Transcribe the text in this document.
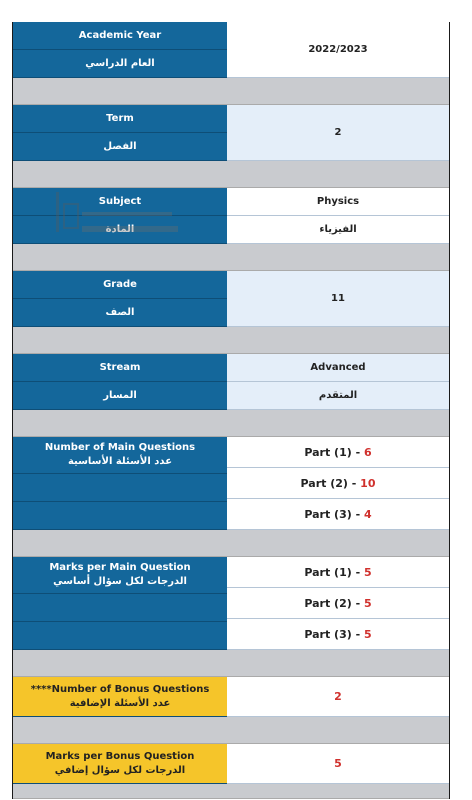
Academic Year
العام الدراسي
2022/2023
Term
الفصل
2
Subject
المادة
Physics
الفيزياء
Grade
الصف
11
Stream
المسار
Advanced
المتقدم
Number of Main Questions
عدد الأسئلة الأساسية
Part (1) -
6
Part (2) -
10
Part (3) -
4
Marks per Main Question
الدرجات لكل سؤال أساسي
Part (1) -
5
Part (2) -
5
Part (3) -
5
****Number of Bonus Questions
عدد الأسئلة الإضافية	2
Marks per Bonus Question
الدرجات لكل سؤال إضافي	5
